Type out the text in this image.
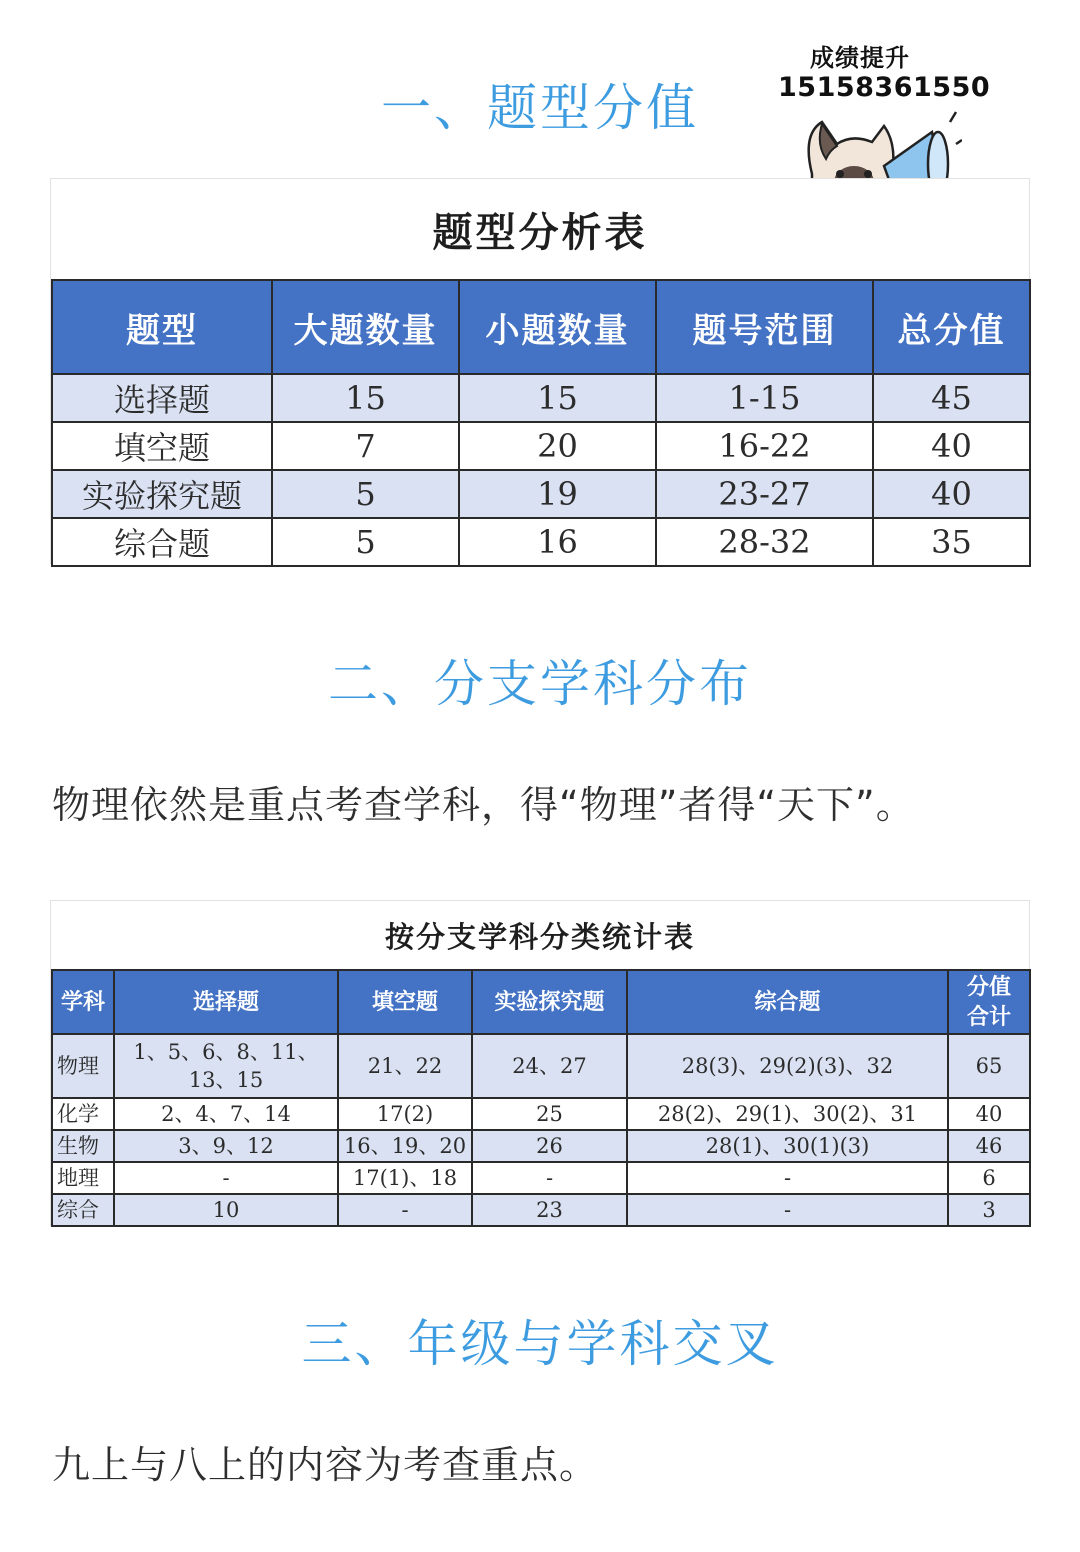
成绩提升
15158361550
一、题型分值
题型分析表
题型	大题数量	小题数量	题号范围	总分值
选择题	15	15	1-15	45
填空题	7	20	16-22	40
实验探究题	5	19	23-27	40
综合题	5	16	28-32	35
二、分支学科分布

物理依然是重点考查学科，得“物理”者得“天下”。

按分支学科分类统计表
学科	选择题	填空题	实验探究题	综合题	分值
合计

物理	1、5、6、8、11、
13、15	21、22	24、27	28(3)、29(2)(3)、32	65
化学	2、4、7、14	17(2)	25	28(2)、29(1)、30(2)、31	40
生物	3、9、12	16、19、20	26	28(1)、30(1)(3)	46
地理	-	17(1)、18	-	-	6
综合	10	-	23	-	3
三、年级与学科交叉

九上与八上的内容为考查重点。
